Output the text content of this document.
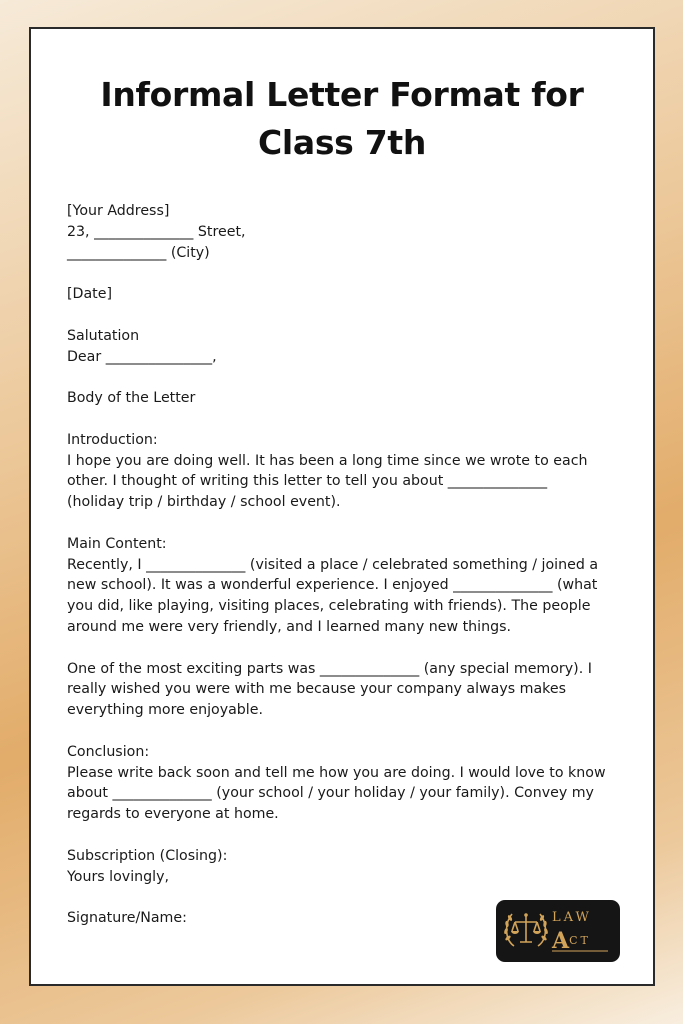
Informal Letter Format for
Class 7th
[Your Address]
23, ______________ Street,
______________ (City)
[Date]
Salutation
Dear _______________,
Body of the Letter
Introduction:
I hope you are doing well. It has been a long time since we wrote to each
other. I thought of writing this letter to tell you about ______________
(holiday trip / birthday / school event).
Main Content:
Recently, I ______________ (visited a place / celebrated something / joined a
new school). It was a wonderful experience. I enjoyed ______________ (what
you did, like playing, visiting places, celebrating with friends). The people
around me were very friendly, and I learned many new things.
One of the most exciting parts was ______________ (any special memory). I
really wished you were with me because your company always makes
everything more enjoyable.
Conclusion:
Please write back soon and tell me how you are doing. I would love to know
about ______________ (your school / your holiday / your family). Convey my
regards to everyone at home.
Subscription (Closing):
Yours lovingly,
Signature/Name:	LAW
ACT
